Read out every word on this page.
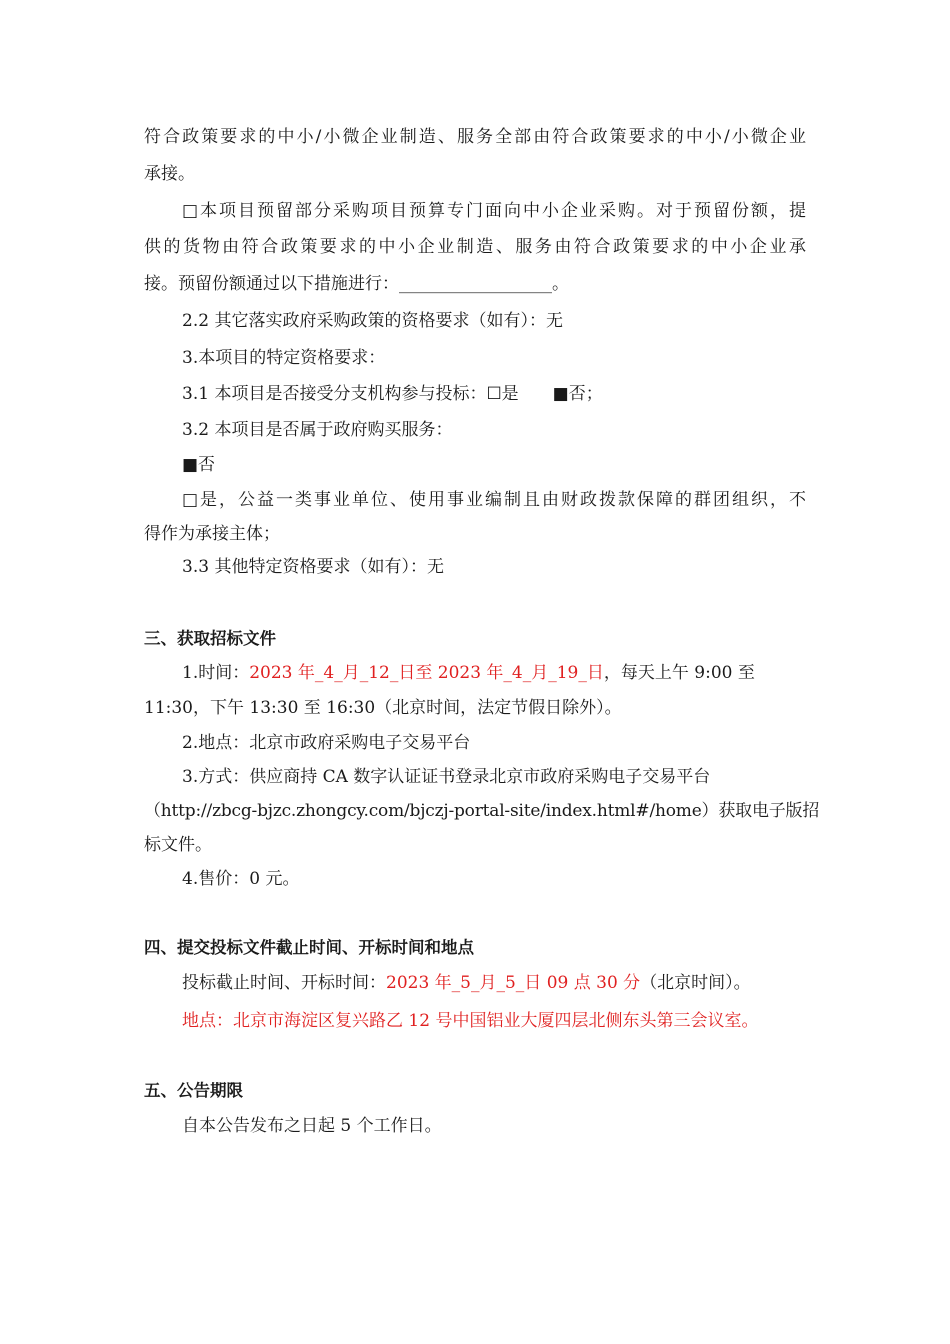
符合政策要求的中小/小微企业制造、服务全部由符合政策要求的中小/小微企业
承接。
□本项目预留部分采购项目预算专门面向中小企业采购。对于预留份额，提
供的货物由符合政策要求的中小企业制造、服务由符合政策要求的中小企业承
接。预留份额通过以下措施进行：__________________。
2.2 其它落实政府采购政策的资格要求（如有）：无
3.本项目的特定资格要求：
3.1 本项目是否接受分支机构参与投标：☐是　　■否；
3.2 本项目是否属于政府购买服务：
■否
□是，公益一类事业单位、使用事业编制且由财政拨款保障的群团组织，不
得作为承接主体；
3.3 其他特定资格要求（如有）：无
三、获取招标文件
1.时间：2023 年_4_月_12_日至 2023 年_4_月_19_日，每天上午 9:00 至
11:30，下午 13:30 至 16:30（北京时间，法定节假日除外）。
2.地点：北京市政府采购电子交易平台
3.方式：供应商持 CA 数字认证证书登录北京市政府采购电子交易平台
（http://zbcg-bjzc.zhongcy.com/bjczj-portal-site/index.html#/home）获取电子版招
标文件。
4.售价：0 元。
四、提交投标文件截止时间、开标时间和地点
投标截止时间、开标时间：2023 年_5_月_5_日 09 点 30 分（北京时间）。
地点：北京市海淀区复兴路乙 12 号中国铝业大厦四层北侧东头第三会议室。
五、公告期限
自本公告发布之日起 5 个工作日。
